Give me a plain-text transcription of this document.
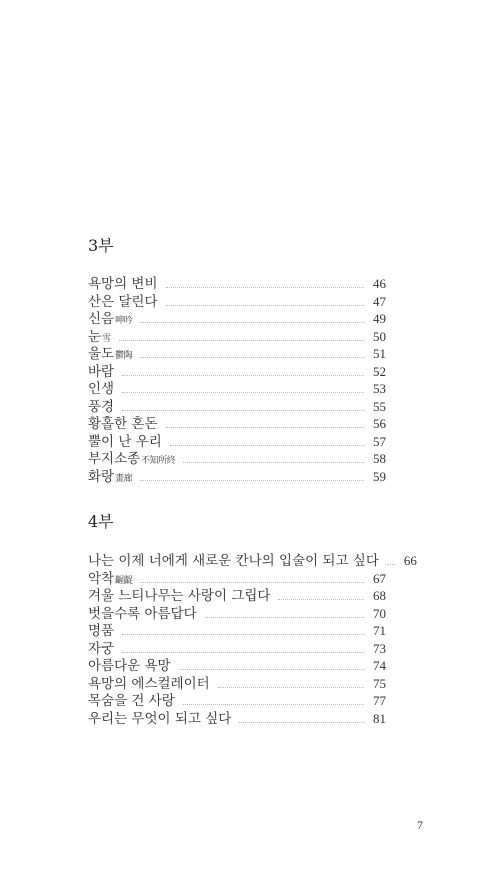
3부
욕망의 변비	46
산은 달린다	47
신음呻吟	49
눈雪	50
울도鬱陶	51
바람	52
인생	53
풍경	55
황홀한 혼돈	56
뿔이 난 우리	57
부지소종不知所終	58
화랑畫廊	59
4부
나는 이제 너에게 새로운 칸나의 입술이 되고 싶다 66
악착齷齪	67
겨울 느티나무는 사랑이 그립다	68
벗을수록 아름답다	70
명품	71
자궁	73
아름다운 욕망	74
욕망의 에스컬레이터	75
목숨을 건 사랑	77
우리는 무엇이 되고 싶다	81
7
